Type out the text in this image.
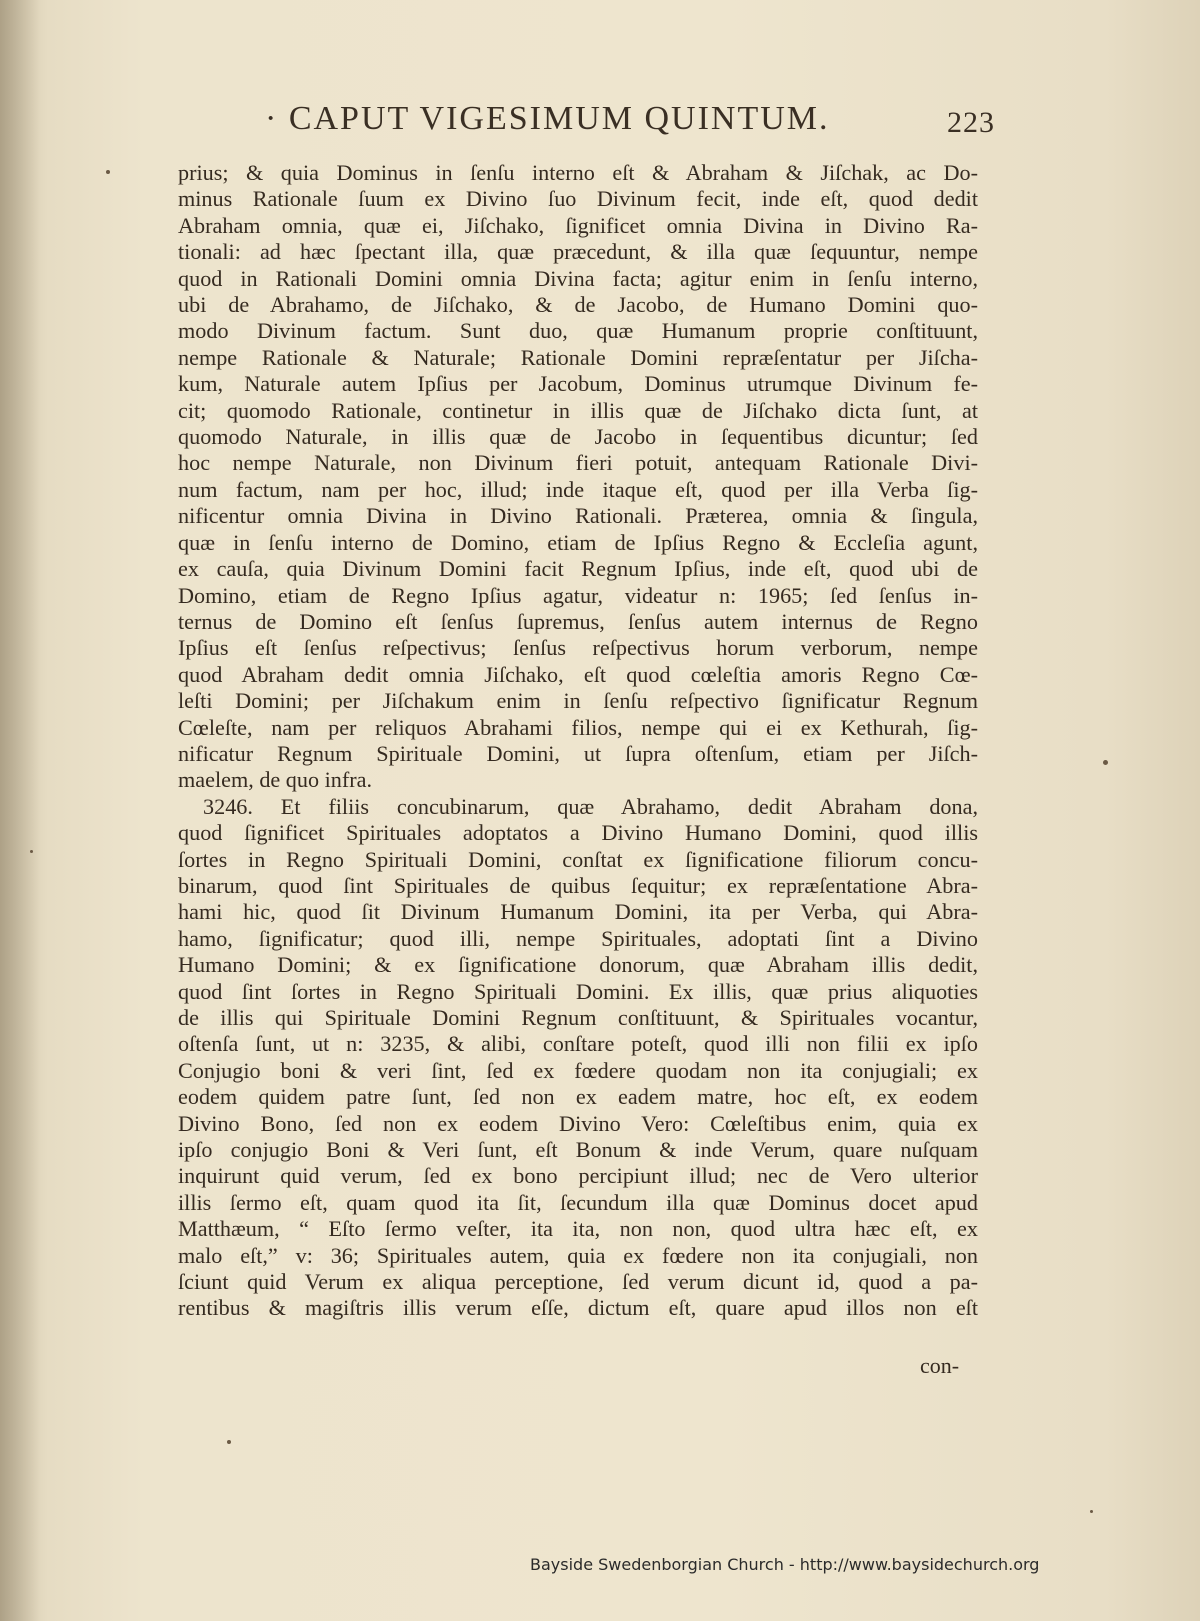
· CAPUT VIGESIMUM QUINTUM.	223
prius; & quia Dominus in ſenſu interno eſt & Abraham & Jiſchak, ac Do-
minus Rationale ſuum ex Divino ſuo Divinum fecit, inde eſt, quod dedit
Abraham omnia, quæ ei, Jiſchako, ſignificet omnia Divina in Divino Ra-
tionali: ad hæc ſpectant illa, quæ præcedunt, & illa quæ ſequuntur, nempe
quod in Rationali Domini omnia Divina facta; agitur enim in ſenſu interno,
ubi de Abrahamo, de Jiſchako, & de Jacobo, de Humano Domini quo-
modo Divinum factum. Sunt duo, quæ Humanum proprie conſtituunt,
nempe Rationale & Naturale; Rationale Domini repræſentatur per Jiſcha-
kum, Naturale autem Ipſius per Jacobum, Dominus utrumque Divinum fe-
cit; quomodo Rationale, continetur in illis quæ de Jiſchako dicta ſunt, at
quomodo Naturale, in illis quæ de Jacobo in ſequentibus dicuntur; ſed
hoc nempe Naturale, non Divinum fieri potuit, antequam Rationale Divi-
num factum, nam per hoc, illud; inde itaque eſt, quod per illa Verba ſig-
nificentur omnia Divina in Divino Rationali. Præterea, omnia & ſingula,
quæ in ſenſu interno de Domino, etiam de Ipſius Regno & Eccleſia agunt,
ex cauſa, quia Divinum Domini facit Regnum Ipſius, inde eſt, quod ubi de
Domino, etiam de Regno Ipſius agatur, videatur n: 1965; ſed ſenſus in-
ternus de Domino eſt ſenſus ſupremus, ſenſus autem internus de Regno
Ipſius eſt ſenſus reſpectivus; ſenſus reſpectivus horum verborum, nempe
quod Abraham dedit omnia Jiſchako, eſt quod cœleſtia amoris Regno Cœ-
leſti Domini; per Jiſchakum enim in ſenſu reſpectivo ſignificatur Regnum
Cœleſte, nam per reliquos Abrahami filios, nempe qui ei ex Kethurah, ſig-
nificatur Regnum Spirituale Domini, ut ſupra oſtenſum, etiam per Jiſch-
maelem, de quo infra.
3246. Et filiis concubinarum, quæ Abrahamo, dedit Abraham dona,
quod ſignificet Spirituales adoptatos a Divino Humano Domini, quod illis
ſortes in Regno Spirituali Domini, conſtat ex ſignificatione filiorum concu-
binarum, quod ſint Spirituales de quibus ſequitur; ex repræſentatione Abra-
hami hic, quod ſit Divinum Humanum Domini, ita per Verba, qui Abra-
hamo, ſignificatur; quod illi, nempe Spirituales, adoptati ſint a Divino
Humano Domini; & ex ſignificatione donorum, quæ Abraham illis dedit,
quod ſint ſortes in Regno Spirituali Domini. Ex illis, quæ prius aliquoties
de illis qui Spirituale Domini Regnum conſtituunt, & Spirituales vocantur,
oſtenſa ſunt, ut n: 3235, & alibi, conſtare poteſt, quod illi non filii ex ipſo
Conjugio boni & veri ſint, ſed ex fœdere quodam non ita conjugiali; ex
eodem quidem patre ſunt, ſed non ex eadem matre, hoc eſt, ex eodem
Divino Bono, ſed non ex eodem Divino Vero: Cœleſtibus enim, quia ex
ipſo conjugio Boni & Veri ſunt, eſt Bonum & inde Verum, quare nuſquam
inquirunt quid verum, ſed ex bono percipiunt illud; nec de Vero ulterior
illis ſermo eſt, quam quod ita ſit, ſecundum illa quæ Dominus docet apud
Matthæum, “ Eſto ſermo veſter, ita ita, non non, quod ultra hæc eſt, ex
malo eſt,” v: 36; Spirituales autem, quia ex fœdere non ita conjugiali, non
ſciunt quid Verum ex aliqua perceptione, ſed verum dicunt id, quod a pa-
rentibus & magiſtris illis verum eſſe, dictum eſt, quare apud illos non eſt
con-
Bayside Swedenborgian Church - http://www.baysidechurch.org
